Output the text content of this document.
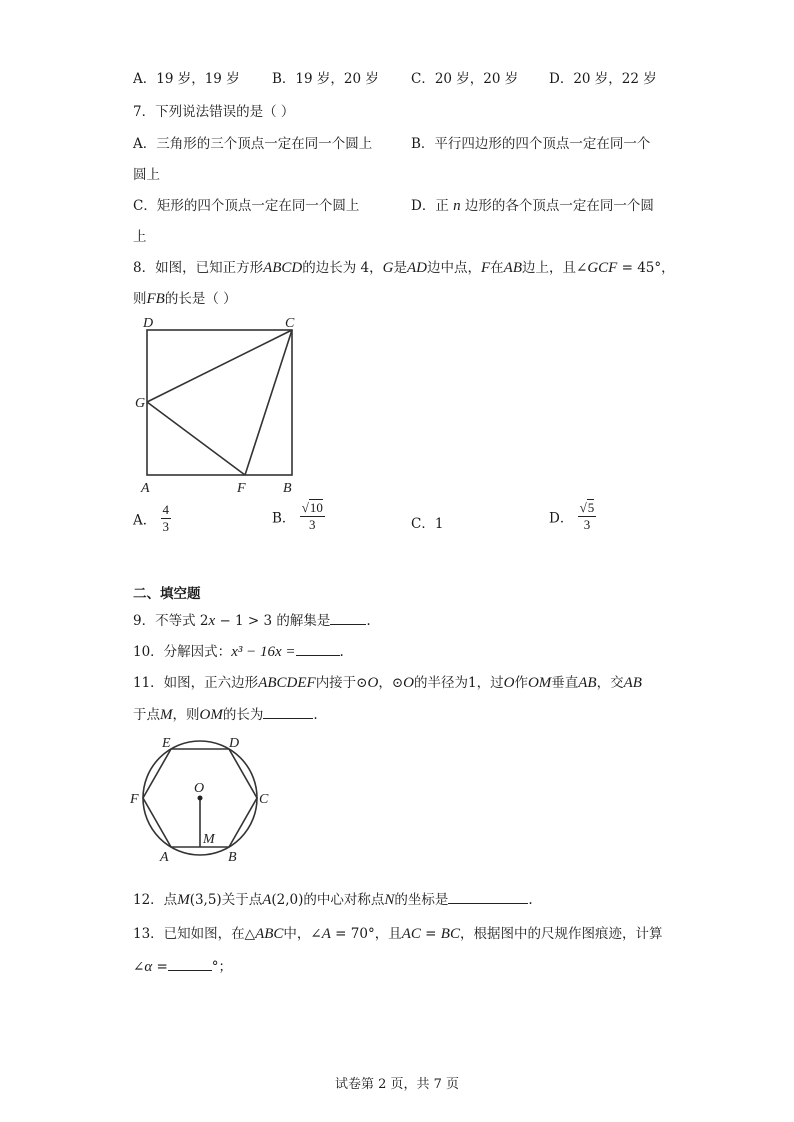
A．19 岁，19 岁 B．19 岁，20 岁 C．20 岁，20 岁 D．20 岁，22 岁
7．下列说法错误的是（ ）
A．三角形的三个顶点一定在同一个圆上	B．平行四边形的四个顶点一定在同一个
圆上
C．矩形的四个顶点一定在同一个圆上	D．正 n 边形的各个顶点一定在同一个圆
上
8．如图，已知正方形ABCD的边长为 4，G是AD边中点，F在AB边上，且∠GCF = 45°，
则FB的长是（ ）
D	C
G
A	F	B
A． $\frac{4}{3}$	B． $\frac{√10}{3}$	C．1	D． $\frac{√5}{3}$
二、填空题
9．不等式 2x − 1 > 3 的解集是	.
10．分解因式：x³ − 16x =	.
11．如图，正六边形ABCDEF内接于⊙O，⊙O的半径为1，过O作OM垂直AB，交AB
于点M，则OM的长为	.
E	D
F	C
O
M
A	B
12．点M(3,5)关于点A(2,0)的中心对称点N的坐标是	.
13．已知如图，在△ABC中，∠A = 70°，且AC = BC，根据图中的尺规作图痕迹，计算
∠α =	°；
试卷第 2 页，共 7 页
